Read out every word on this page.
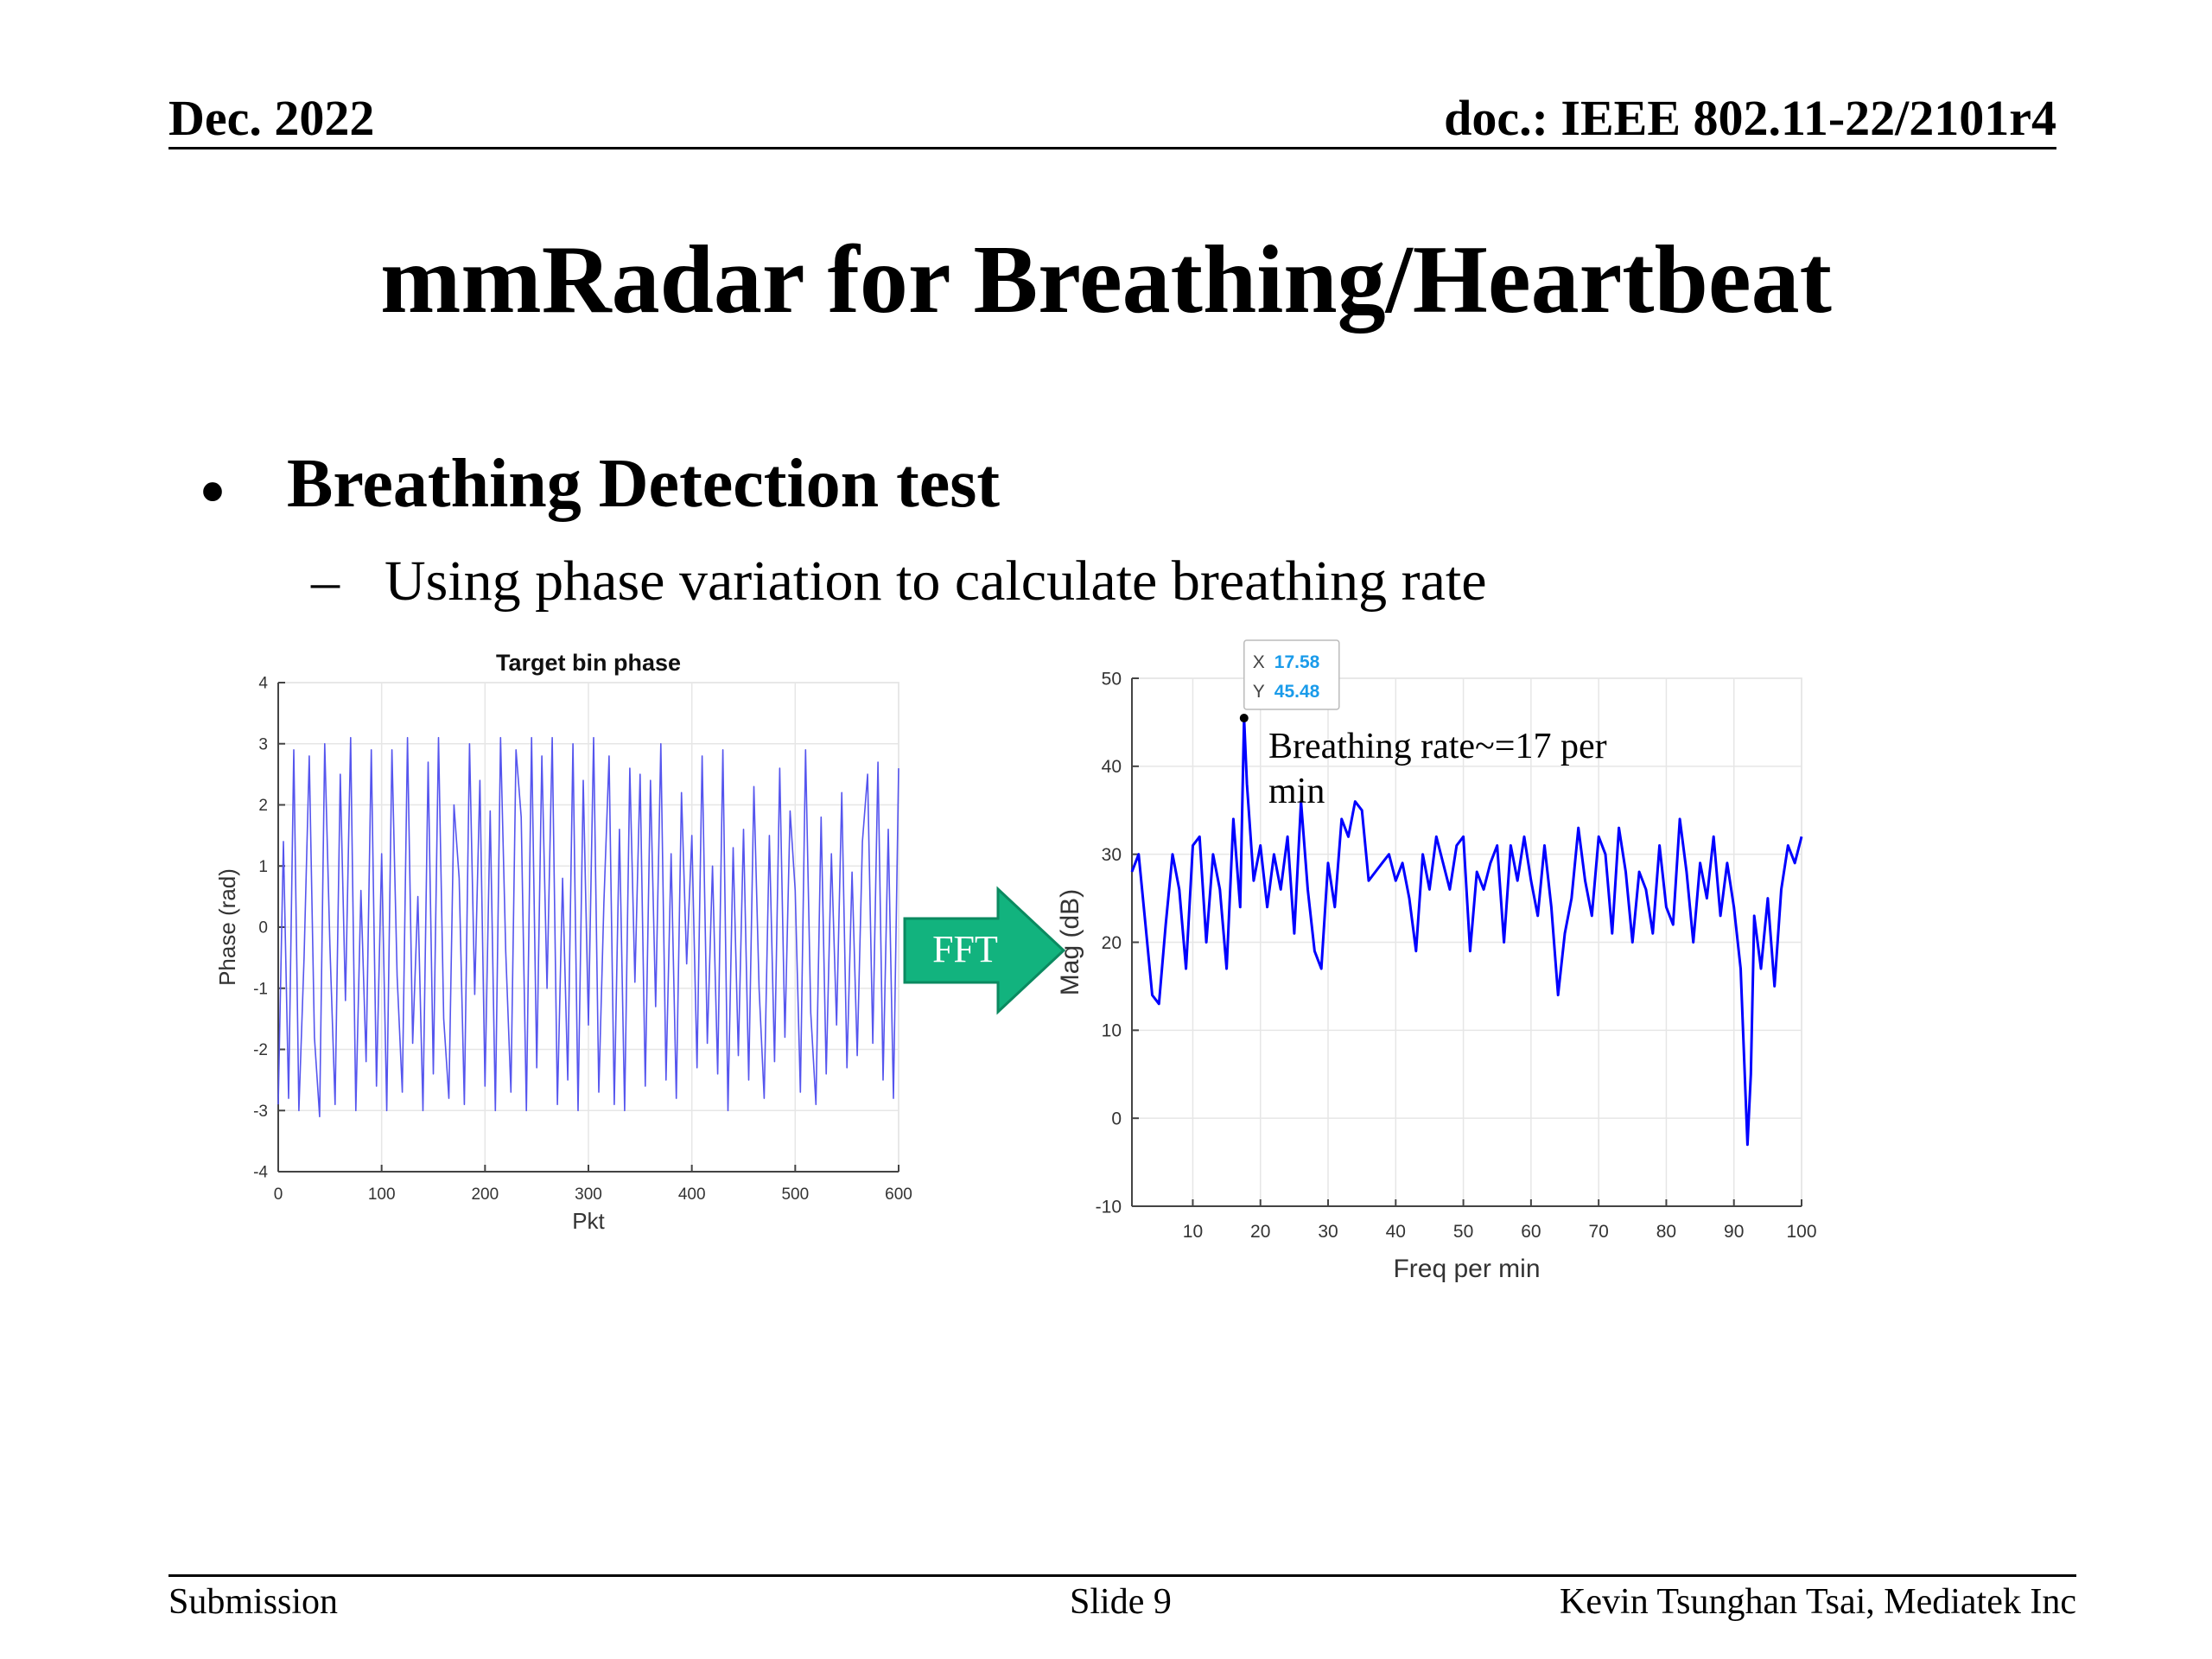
Dec. 2022	doc.: IEEE 802.11-22/2101r4
mmRadar for Breathing/Heartbeat
• Breathing Detection test
– Using phase variation to calculate breathing rate
0	100	200	300	400	500	600
-4
-3
-2
-1
0
1
2
3
4
Pkt
Phase (rad)
Target bin phase
FFT
10	20	30	40	50	60	70	80	90 100
-10
0
10
20
30
40
50
Freq per min
Mag (dB)
X 17.58
Y 45.48
Breathing rate~=17 per min
Submission	Slide 9	Kevin Tsunghan Tsai, Mediatek Inc
